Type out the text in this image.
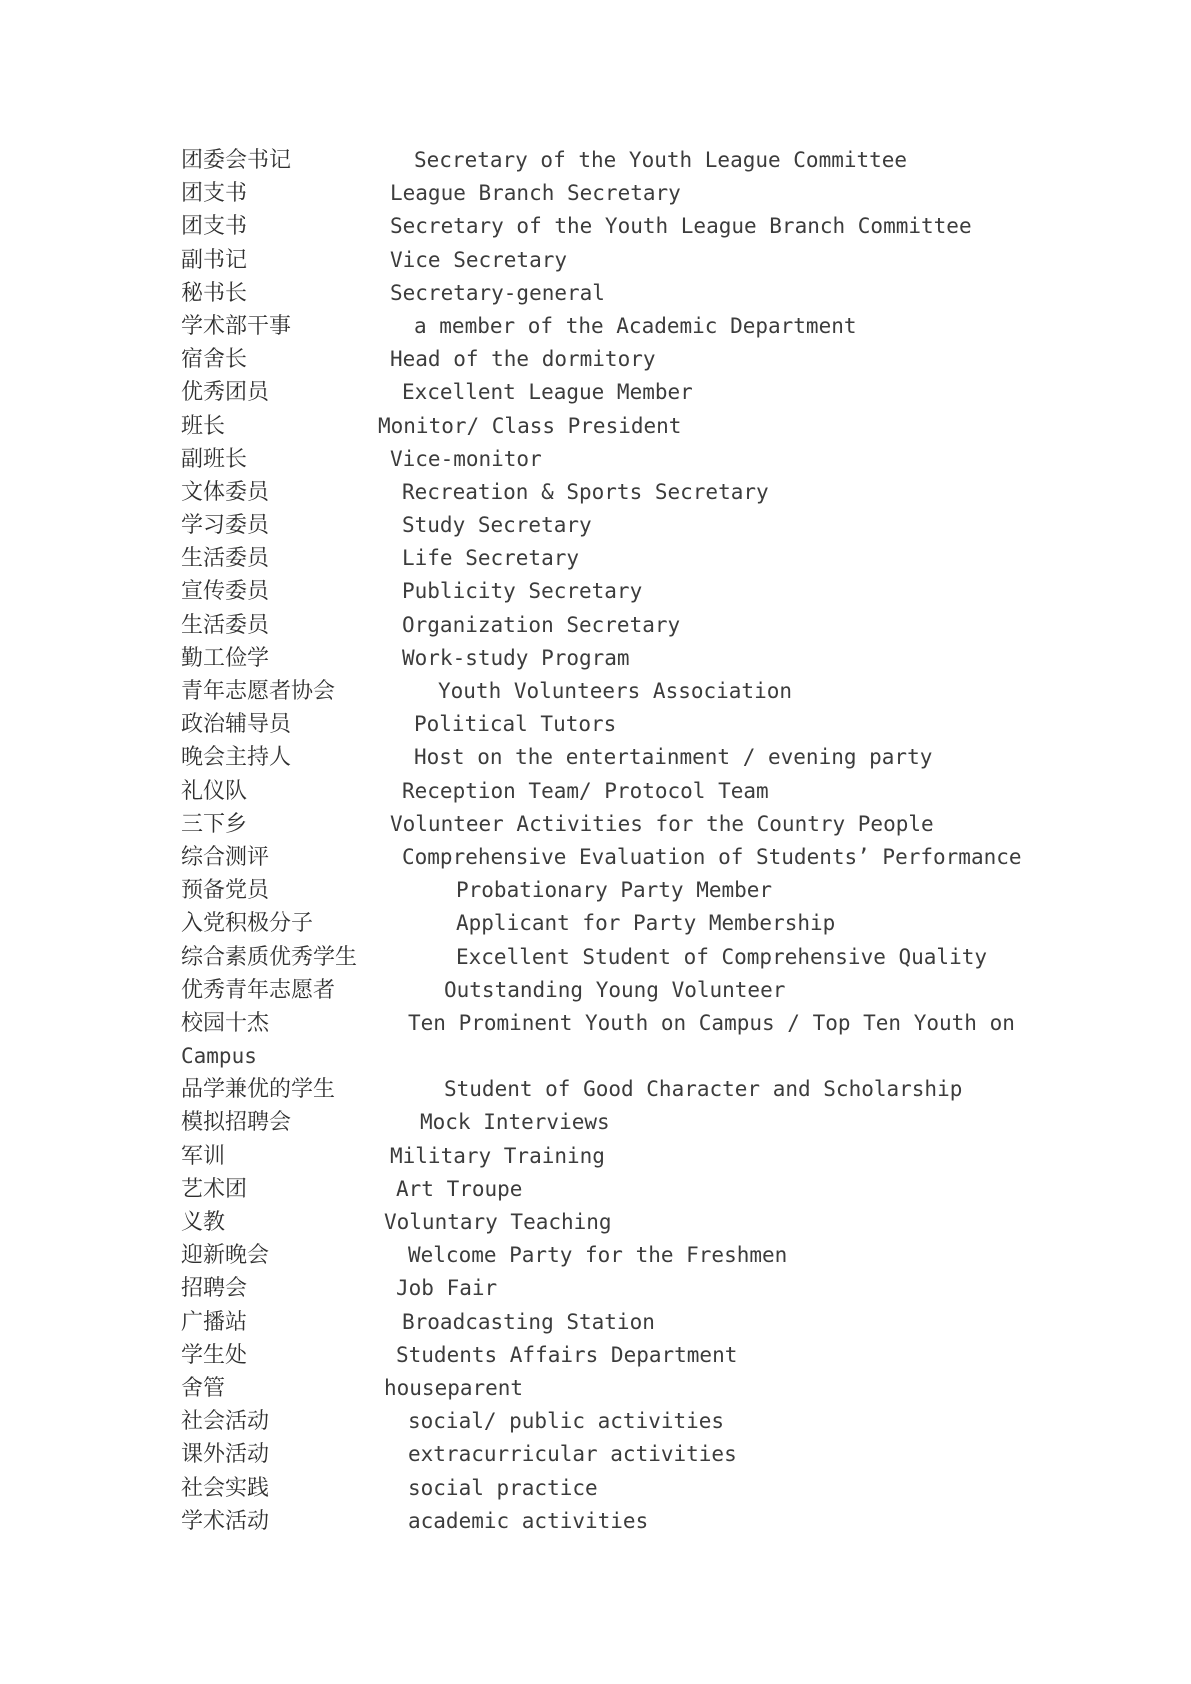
团委会书记	Secretary of the Youth League Committee
团支书	League Branch Secretary
团支书	Secretary of the Youth League Branch Committee
副书记	Vice Secretary
秘书长	Secretary-general
学术部干事	a member of the Academic Department
宿舍长	Head of the dormitory
优秀团员	Excellent League Member
班长	Monitor/ Class President
副班长	Vice-monitor
文体委员	Recreation & Sports Secretary
学习委员	Study Secretary
生活委员	Life Secretary
宣传委员	Publicity Secretary
生活委员	Organization Secretary
勤工俭学	Work-study Program
青年志愿者协会	Youth Volunteers Association
政治辅导员	Political Tutors
晚会主持人	Host on the entertainment / evening party
礼仪队	Reception Team/ Protocol Team
三下乡	Volunteer Activities for the Country People
综合测评	Comprehensive Evaluation of Students’ Performance
预备党员	Probationary Party Member
入党积极分子	Applicant for Party Membership
综合素质优秀学生	Excellent Student of Comprehensive Quality
优秀青年志愿者	Outstanding Young Volunteer
校园十杰	Ten Prominent Youth on Campus / Top Ten Youth on
Campus
品学兼优的学生	Student of Good Character and Scholarship
模拟招聘会	Mock Interviews
军训	Military Training
艺术团	Art Troupe
义教	Voluntary Teaching
迎新晚会	Welcome Party for the Freshmen
招聘会	Job Fair
广播站	Broadcasting Station
学生处	Students Affairs Department
舍管	houseparent
社会活动	social/ public activities
课外活动	extracurricular activities
社会实践	social practice
学术活动	academic activities
